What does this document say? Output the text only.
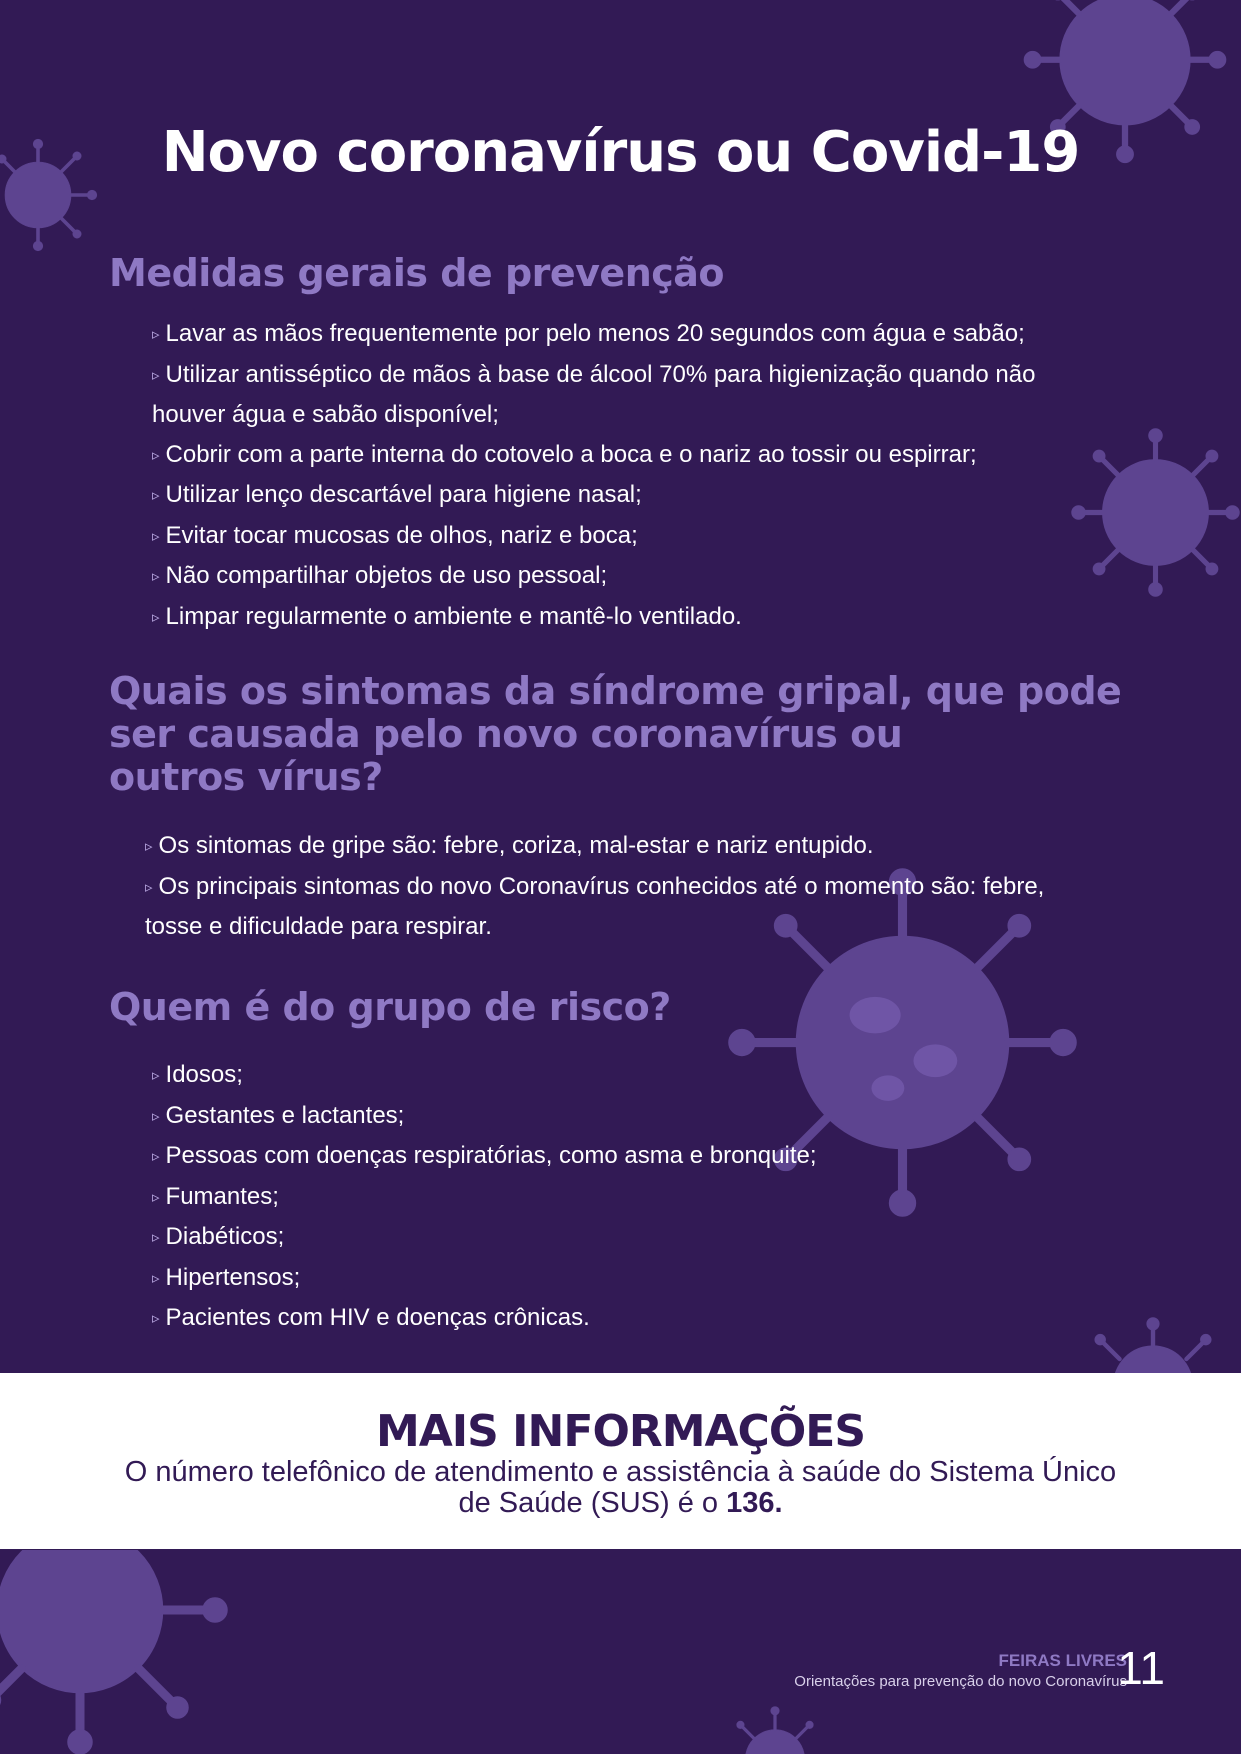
Novo coronavírus ou Covid-19
Medidas gerais de prevenção
▹ Lavar as mãos frequentemente por pelo menos 20 segundos com água e sabão;
▹ Utilizar antisséptico de mãos à base de álcool 70% para higienização quando não
houver água e sabão disponível;
▹ Cobrir com a parte interna do cotovelo a boca e o nariz ao tossir ou espirrar;
▹ Utilizar lenço descartável para higiene nasal;
▹ Evitar tocar mucosas de olhos, nariz e boca;
▹ Não compartilhar objetos de uso pessoal;
▹ Limpar regularmente o ambiente e mantê-lo ventilado.
Quais os sintomas da síndrome gripal, que pode
ser causada pelo novo coronavírus ou
outros vírus?
▹ Os sintomas de gripe são: febre, coriza, mal-estar e nariz entupido.
▹ Os principais sintomas do novo Coronavírus conhecidos até o momento são: febre,
tosse e dificuldade para respirar.
Quem é do grupo de risco?
▹ Idosos;
▹ Gestantes e lactantes;
▹ Pessoas com doenças respiratórias, como asma e bronquite;
▹ Fumantes;
▹ Diabéticos;
▹ Hipertensos;
▹ Pacientes com HIV e doenças crônicas.
MAIS INFORMAÇÕES
O número telefônico de atendimento e assistência à saúde do Sistema Único de Saúde (SUS) é o 136.
FEIRAS LIVRES
Orientações para prevenção do novo Coronavírus
11
